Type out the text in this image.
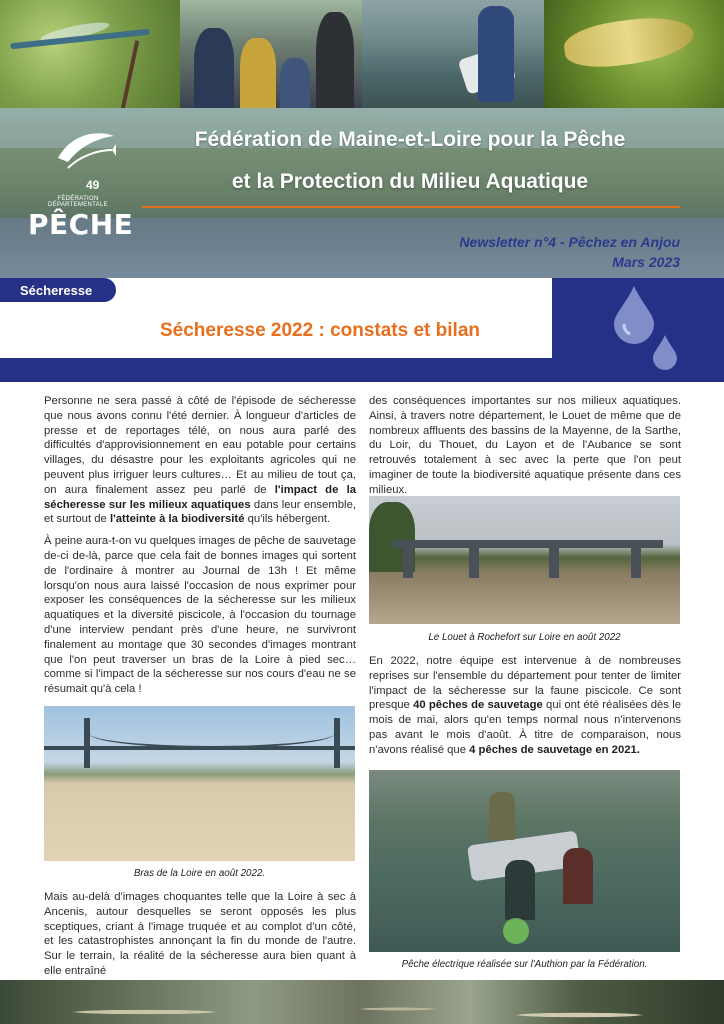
49
FÉDÉRATION DÉPARTEMENTALE
PÊCHE
Fédération de Maine-et-Loire pour la Pêche
et la Protection du Milieu Aquatique
Newsletter n°4 - Pêchez en Anjou
Mars 2023
Sécheresse
Sécheresse 2022 : constats et bilan

Personne ne sera passé à côté de l'épisode de sécheresse que nous avons connu l'été dernier. À longueur d'articles de presse et de reportages télé, on nous aura parlé des difficultés d'approvisionnement en eau potable pour certains villages, du désastre pour les exploitants agricoles qui ne peuvent plus irriguer leurs cultures… Et au milieu de tout ça, on aura finalement assez peu parlé de l'impact de la sécheresse sur les milieux aquatiques dans leur ensemble, et surtout de l'atteinte à la biodiversité qu'ils hébergent.

À peine aura-t-on vu quelques images de pêche de sauvetage de-ci de-là, parce que cela fait de bonnes images qui sortent de l'ordinaire à montrer au Journal de 13h ! Et même lorsqu'on nous aura laissé l'occasion de nous exprimer pour exposer les conséquences de la sécheresse sur les milieux aquatiques et la diversité piscicole, à l'occasion du tournage d'une interview pendant près d'une heure, ne survivront finalement au montage que 30 secondes d'images montrant que l'on peut traverser un bras de la Loire à pied sec… comme si l'impact de la sécheresse sur nos cours d'eau ne se résumait qu'à cela !

Bras de la Loire en août 2022.

Mais au-delà d'images choquantes telle que la Loire à sec à Ancenis, autour desquelles se seront opposés les plus sceptiques, criant à l'image truquée et au complot d'un côté, et les catastrophistes annonçant la fin du monde de l'autre. Sur le terrain, la réalité de la sécheresse aura bien quant à elle entraîné

des conséquences importantes sur nos milieux aquatiques. Ainsi, à travers notre département, le Louet de même que de nombreux affluents des bassins de la Mayenne, de la Sarthe, du Loir, du Thouet, du Layon et de l'Aubance se sont retrouvés totalement à sec avec la perte que l'on peut imaginer de toute la biodiversité aquatique présente dans ces milieux.

Le Louet à Rochefort sur Loire en août 2022

En 2022, notre équipe est intervenue à de nombreuses reprises sur l'ensemble du département pour tenter de limiter l'impact de la sécheresse sur la faune piscicole. Ce sont presque 40 pêches de sauvetage qui ont été réalisées dès le mois de mai, alors qu'en temps normal nous n'intervenons pas avant le mois d'août. À titre de comparaison, nous n'avons réalisé que 4 pêches de sauvetage en 2021.

Pêche électrique réalisée sur l'Authion par la Fédération.
